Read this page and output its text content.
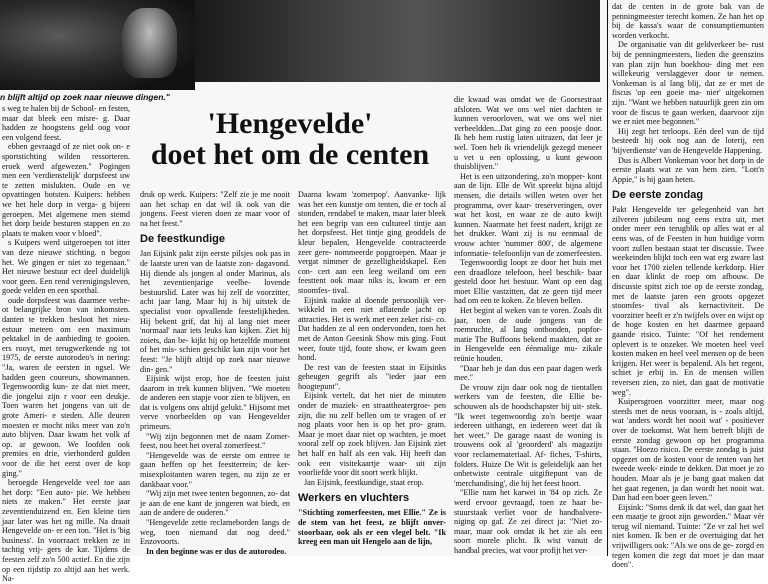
n blijft altijd op zoek naar nieuwe dingen."
'Hengevelde'
doet het om de centen

s weg te halen bij de School- en festen, maar dat bleek een misre- g. Daar hadden ze hoogstens geld oog voor een volgend feest.

ebben gevraagd of ze niet ook on- e sportstichting wilden ressorteren. eroek werd afgewezen." Pogingen men een 'verdienstelijk' dorpsfeest uw te zetten mislukten. Oude en ve opvattingen botsten. Kuipers: hebben we het hele dorp in verga- g bijeen geroepen. Met algemene men stemd het dorp beide besturen stappen en zo plaats te maken voor v bloed".

s Kuipers werd uitgeroepen tot itter van deze nieuwe stichting. n begon het. We gingen er niet zo tegenaan." Het nieuwe bestuur ect deel duidelijk voor geen. Een rend verenigingsleven, goede velden en een sporthal.

oude dorpsfeest was daarmee verhe- ot belangrijke bron van inkomsten. danten te trekken besloot het nieu- estuur meteen om een maximum pektakel in de aanbieding te gooien. ers rooyt, met terugwerkende ng tot 1975, de eerste autorodeo's in nering: "Ja, waren de eersten in ngsel. We hadden geen coureurs, showmannen. Tegenwoordig kun- ze dat niet meer, die jongelui zijn r voor een deukje. Toen waren het jongens van uit de grote Ameri- e steden. Alle deuren moesten er mocht niks meer van zo'n auto blijven. Daar kwam het volk af op. ar gewoon. We loofden ook premies en drie, vierhonderd gulden voor de die het eerst over de kop ging."

beroegde Hengevelde veel toe aan het dorp: "Een auto- pie. We hebben niets ze maken." Het eerste jaar zeventienduizend en. Een kleine tien jaar later was het ng mille. Na draait Hengevelde on- er een ton. "Het is 'big business'. In voorraact trekken ze in tachtig vrij- gers de kar. Tijdens de feesten zelf zo'n 500 actief. En die zijn op een tijdstip zo altijd aan het werk. Na-

druk op werk. Kuipers: "Zelf zie je me nooit aan het schap en dat wil ik ook van die jongens. Feest vieren doen ze maar voor of na het feest."

De feestkundige

Jan Eijsink pakt zijn eerste pilsjes ook pas in de laatste uren van de laatste zon- dagavond. Hij diende als jongen al onder Marinus, als het zeventienjarige veelbe- lovende bestuurslid. Later was hij zelf de voorzitter, acht jaar lang. Maar hij is bij uitstek de specialist voor opvallende feestelijkheden. Hij bekent grif, dat hij al lang niet meer 'normaal' naar iets leuks kan kijken. Ziet hij zoiets, dan be- kijkt hij op hetzelfde moment of het mis- schien geschikt kan zijn voor het feest: "Je blijft altijd op zoek naar nieuwe din- gen."

Eijsink wijst erop, hoe de feesten juist daarom in trek kunnen blijven. "We moeten de anderen een stapje voor zien te blijven, en dat is volgens ons altijd gelukt." Hijsomt met verve voorbeelden op van Hengevelder primeurs.

"Wij zijn begonnen met de naam Zomer- feest, nou heet het overal zomerfeest."

"Hengevelde was de eerste om entree te gaan heffen op het feestterrein; de ker- misexploitanten waren tegen, nu zijn ze er dankbaar voor."

"Wij zijn met twee tenten begonnen, zo- dat je aan de ene kant de jongeren wat biedt, en aan de andere de ouderen."

"Hengevelde zette reclameborden langs de weg, toen niemand dat nog deed." Enzovoorts.

In den beginne was er dus de autorodeo.

Daarna kwam 'zomerpop'. Aanvanke- lijk was het een kunstje om tenten, die er toch al stonden, rendabel te maken, maar later bleek het een begrip van een cultureel tintje aan het dorpsfeest. Het tintje ging geoddels de kleur bepalen, Hengevelde contracteerde zeer gere- nommeerde popgroepen. Maar je vergat nimmer de gezelligheidskapel. Een con- cert aan een leeg weiland om een feesttent ook maar niks is, kwam er een stoomfes- tival.

Eijsink raakte al doende persoonlijk ver- wikkeld in een niet aflatende jacht op attracties. Het is werk met een zeker risi- co. Dat hadden ze al een ondervonden, toen het met de Anton Geesink Show mis ging. Fout weer, foute tijd, foute show, er kwam geen hond.

De rest van de feesten staat in Eijsinks geheugen gegrift als "ieder jaar een hoogtepunt".

Eijsink vertelt, dat het niet de minuten onder de muziek- en straattheatergroe- pen zijn, die nu zelf bellen om te vragen of er nog plaats voor hen is op het pro- gram. Maar je moet daar niet op wachten, je moet vooral zelf op zoek blijven. Jan Eijsink ziet het half en half als een vak. Hij heeft dan ook een visitekaartje waar- uit zijn voorliefde voor dit soort werk blijkt.

Jan Eijsink, feestkundige, staat erop.

Werkers en vluchters

"Stichting zomerfeesten, met Ellie." Ze is de stem van het feest, ze blijft onver- stoorbaar, ook als er een vlegel belt. "Ik kreeg een man uit Hengelo aan de lijn,

die kwaad was omdat we de Goorsestraat afsloten. Wat we ons wel niet dachten te kunnen veroorloven, wat we ons wel niet verbeeldden...Dat ging zo een poosje door. Ik heb hem rustig laten uitrazen, dat leer je wel. Toen heb ik vriendelijk gezegd meneer u vet u een oplossing, u kunt gewoon thuisblijven."

Het is een uitzondering, zo'n mopper- kont aan de lijn. Elle de Wit spreekt bijna altijd mensen, die details willen weten over het programma, over kaar- treserveringen, over wat het kost, en waar ze de auto kwijt kunnen. Naarmate het feest nadert, krijgt ze het drukker. Want zij is nu eenmaal de vrouw achter 'nummer 800', de algemene informatie- telefoonlijn van de zomerfeesten.

Tegenwoordig loopt ze door het huis met een draadloze telefoon, heel beschik- baar gesteld door het bestuur. Want op een dag moet Ellie vastzitten, dat ze geen tijd meer had om een te koken. Ze bleven bellen.

Het begint al weken van te voren. Zoals dit jaar, toen de oude jongens van de roemruchte, al lang ontbonden, popfor- matie The Buffoons bekend maakten, dat ze in Hengevelde een éénmalige mu- zikale reünie houden.

"Daar heb je dan dus een paar dagen werk mee."

De vrouw zijn daar ook nog de tientallen werkers van de feesten, die Ellie be- schouwen als de hoodschapster bij uit- stek. "Ik weet tegenwoordig zo'n beetje waar iedereen uithangt, en iedereen weet dat ik het weet." De garage naast de woning is trouwens ook al 'geoorderd' als magazijn voor reclamemateriaal. Af- fiches, T-shirts, folders. Huize De Wit is geleidelijk aan het onbetwiste centrale uitgiftepunt van de 'merchandising', die bij het feest hoort.

"Ellie nam het karwei in '84 op zich. Ze werd ervoor gevraagd, toen ze haar be- stuurstaak verliet voor de handbalvere- niging op gaf. Ze zei direct ja: "Niet zo- maar, maar ook omdat ik het zie als een soort morele plicht. Ik wist vanuit de handbal precies, wat voor profijt het ver-

dat de centen in de grote bak van de penningmeester terecht komen. Ze han het op bij de kassa's waar de consumptiemunten worden verkocht.

De organisatie van dit geldverkeer be- rust bij de penningmeesters, lieden die geenszins van plan zijn hun boekhou- ding met een willekeurig verslaggever door te nemen. Vonkeman is al lang blij, dat ze er met de fiscus 'op een goeie ma- nier' uitgekomen zijn. "Want we hebben natuurlijk geen zin om voor de fiscus te gaan werken, daarvoor zijn we er niet mee begonnen."

Hij zegt het terloops. Eén deel van de tijd besteedt hij ook nog aan de loterij, een 'bijverdienste' van de Hengevelde Happening.

Dus is Albert Vonkeman voor het dorp in de eerste plaats wat ze van hem zien. "Lott'n Appie," is hij gaan heten.

De eerste zondag

Pakt Hengevelde ter gelegenheid van het zilveren jubileum nog eens extra uit, met onder meer een terugblik op alles wat er al eens was, of de Feesten in hun huidige vorm voort zullen bestaan staat ter discussie. Twee weekeinden blijkt toch een wat erg zware last voor het 1700 zielen tellende kerkdorp. Hier en daar klinkt de roep om afbouw. De discussie spitst zich toe op de eerste zondag, met de laatste jaren een groots opgezet stoomfes- tival als kernactiviteit. De voorzitter heeft er z'n twijfels over en wijst op de hoge kosten en het daarmee gepaard gaande risico. Tuinte: "Of het rendement oplevert is te onzeker. We moeten heel veel kosten maken en heel veel mensen op de been krijgen. Het weer is bepalend. Als het regent, schiet je erbij in. En de mensen willen reversen zien, zo niet, dan gaat de motivatie weg".

Kuipersgroen voorzitter meer, maar nog steeds met de neus vooraan, is - zoals altijd, wat 'anders wordt het nooit wat' - positiever over de toekomst. Wat hem betreft blijft de eerste zondag gewoon op het programma staan. "Hoezo risico. De eerste zondag is juist opgezet om de kosten voor de tenten van het tweede week- einde te dekken. Dat moet je zo houden. Maar als je je bang gaat maken dat het gaat regenen, ja dan wordt het nooit wat. Dan had een boer geen leven."

Eijsink: "Soms denk ik dat wel, dan gaat het een maatje te groot zijn geworden." Maar vér terug wil niemand. Tuinte: "Ze vr zal het wel niet komen. Ik ben er de overtuiging dat het vrijwilligers ook: "Als we ons de ge- zorgd en tegen komen die zegt dat moet je dan maar doen".
